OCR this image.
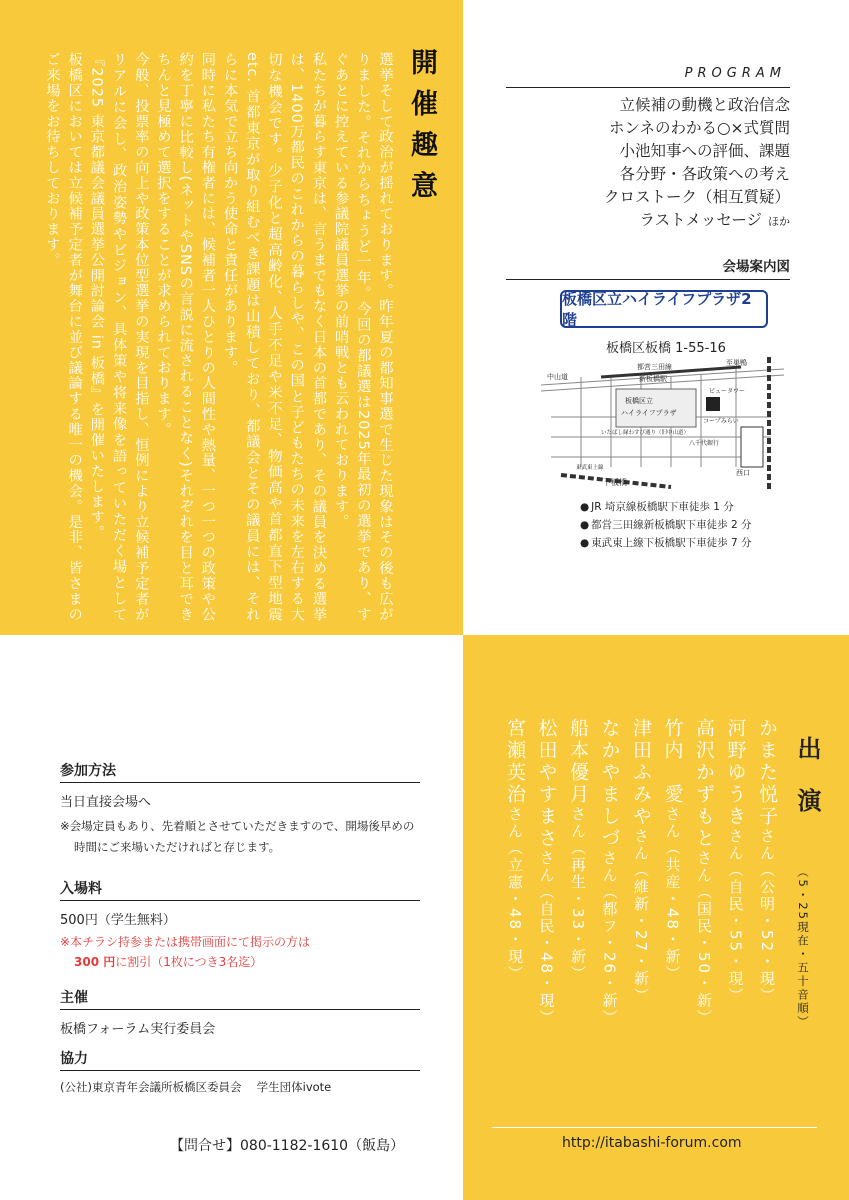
開催趣意

選挙そして政治が揺れております。昨年夏の都知事選で生じた現象はその後も広がりました。それからちょうど一年。今回の都議選は2025年最初の選挙であり、すぐあとに控えている参議院議員選挙の前哨戦とも云われております。

私たちが暮らす東京は、言うまでもなく日本の首都であり、その議員を決める選挙は、1400万都民のこれからの暮らしや、この国と子どもたちの未来を左右する大切な機会です。少子化と超高齢化、人手不足や米不足、物価高や首都直下型地震etc. 首都東京が取り組むべき課題は山積しており、都議会とその議員には、それらに本気で立ち向かう使命と責任があります。

同時に私たち有権者には、候補者一人ひとりの人間性や熱量、一つ一つの政策や公約を丁寧に比較し(ネットやSNSの言説に流されることなく)それぞれを目と耳できちんと見極めて選択をすることが求められております。

今般、投票率の向上や政策本位型選挙の実現を目指し、恒例により立候補予定者がリアルに会し、政治姿勢やビジョン、具体策や将来像を語っていただく場として『2025 東京都議会議員選挙公開討論会 in 板橋』を開催いたします。

板橋区においては立候補予定者が舞台に並び議論する唯一の機会。是非、皆さまのご来場をお待ちしております。	PROGRAM
立候補の動機と政治信念
ホンネのわかる○×式質問
小池知事への評価、課題
各分野・各政策への考え
クロストーク（相互質疑）
ラストメッセージ ほか
会場案内図
板橋区立ハイライフプラザ2階
板橋区板橋 1-55-16
中山道
都営三田線
新板橋駅
至巣鴨
板橋区立
ハイライフプラザ
ビュータワー
コープみらい
いたばし縁わすび通り（旧中山道）
八千代銀行
西口
下板橋
東武東上線
● JR 埼京線板橋駅下車徒歩 1 分
● 都営三田線新板橋駅下車徒歩 2 分
● 東武東上線下板橋駅下車徒歩 7 分
参加方法
当日直接会場へ
※会場定員もあり、先着順とさせていただきますので、開場後早めの時間にご来場いただければと存じます。
入場料
500円（学生無料）
※本チラシ持参または携帯画面にて掲示の方は
300 円に割引（1枚につき3名迄）
主催
板橋フォーラム実行委員会
協力
(公社)東京青年会議所板橋区委員会　 学生団体ivote
【問合せ】080-1182-1610（飯島）	http://itabashi-forum.com
出演
（5・25現在・五十音順）
かまた悦子さん（公明・52・現）
河野ゆうきさん（自民・55・現）
高沢かずもとさん（国民・50・新）
竹内　愛さん（共産・48・新）
津田ふみやさん（維新・27・新）
なかやましづさん（都フ・26・新）
船本優月さん（再生・33・新）
松田やすまささん（自民・48・現）
宮瀬英治さん（立憲・48・現）
